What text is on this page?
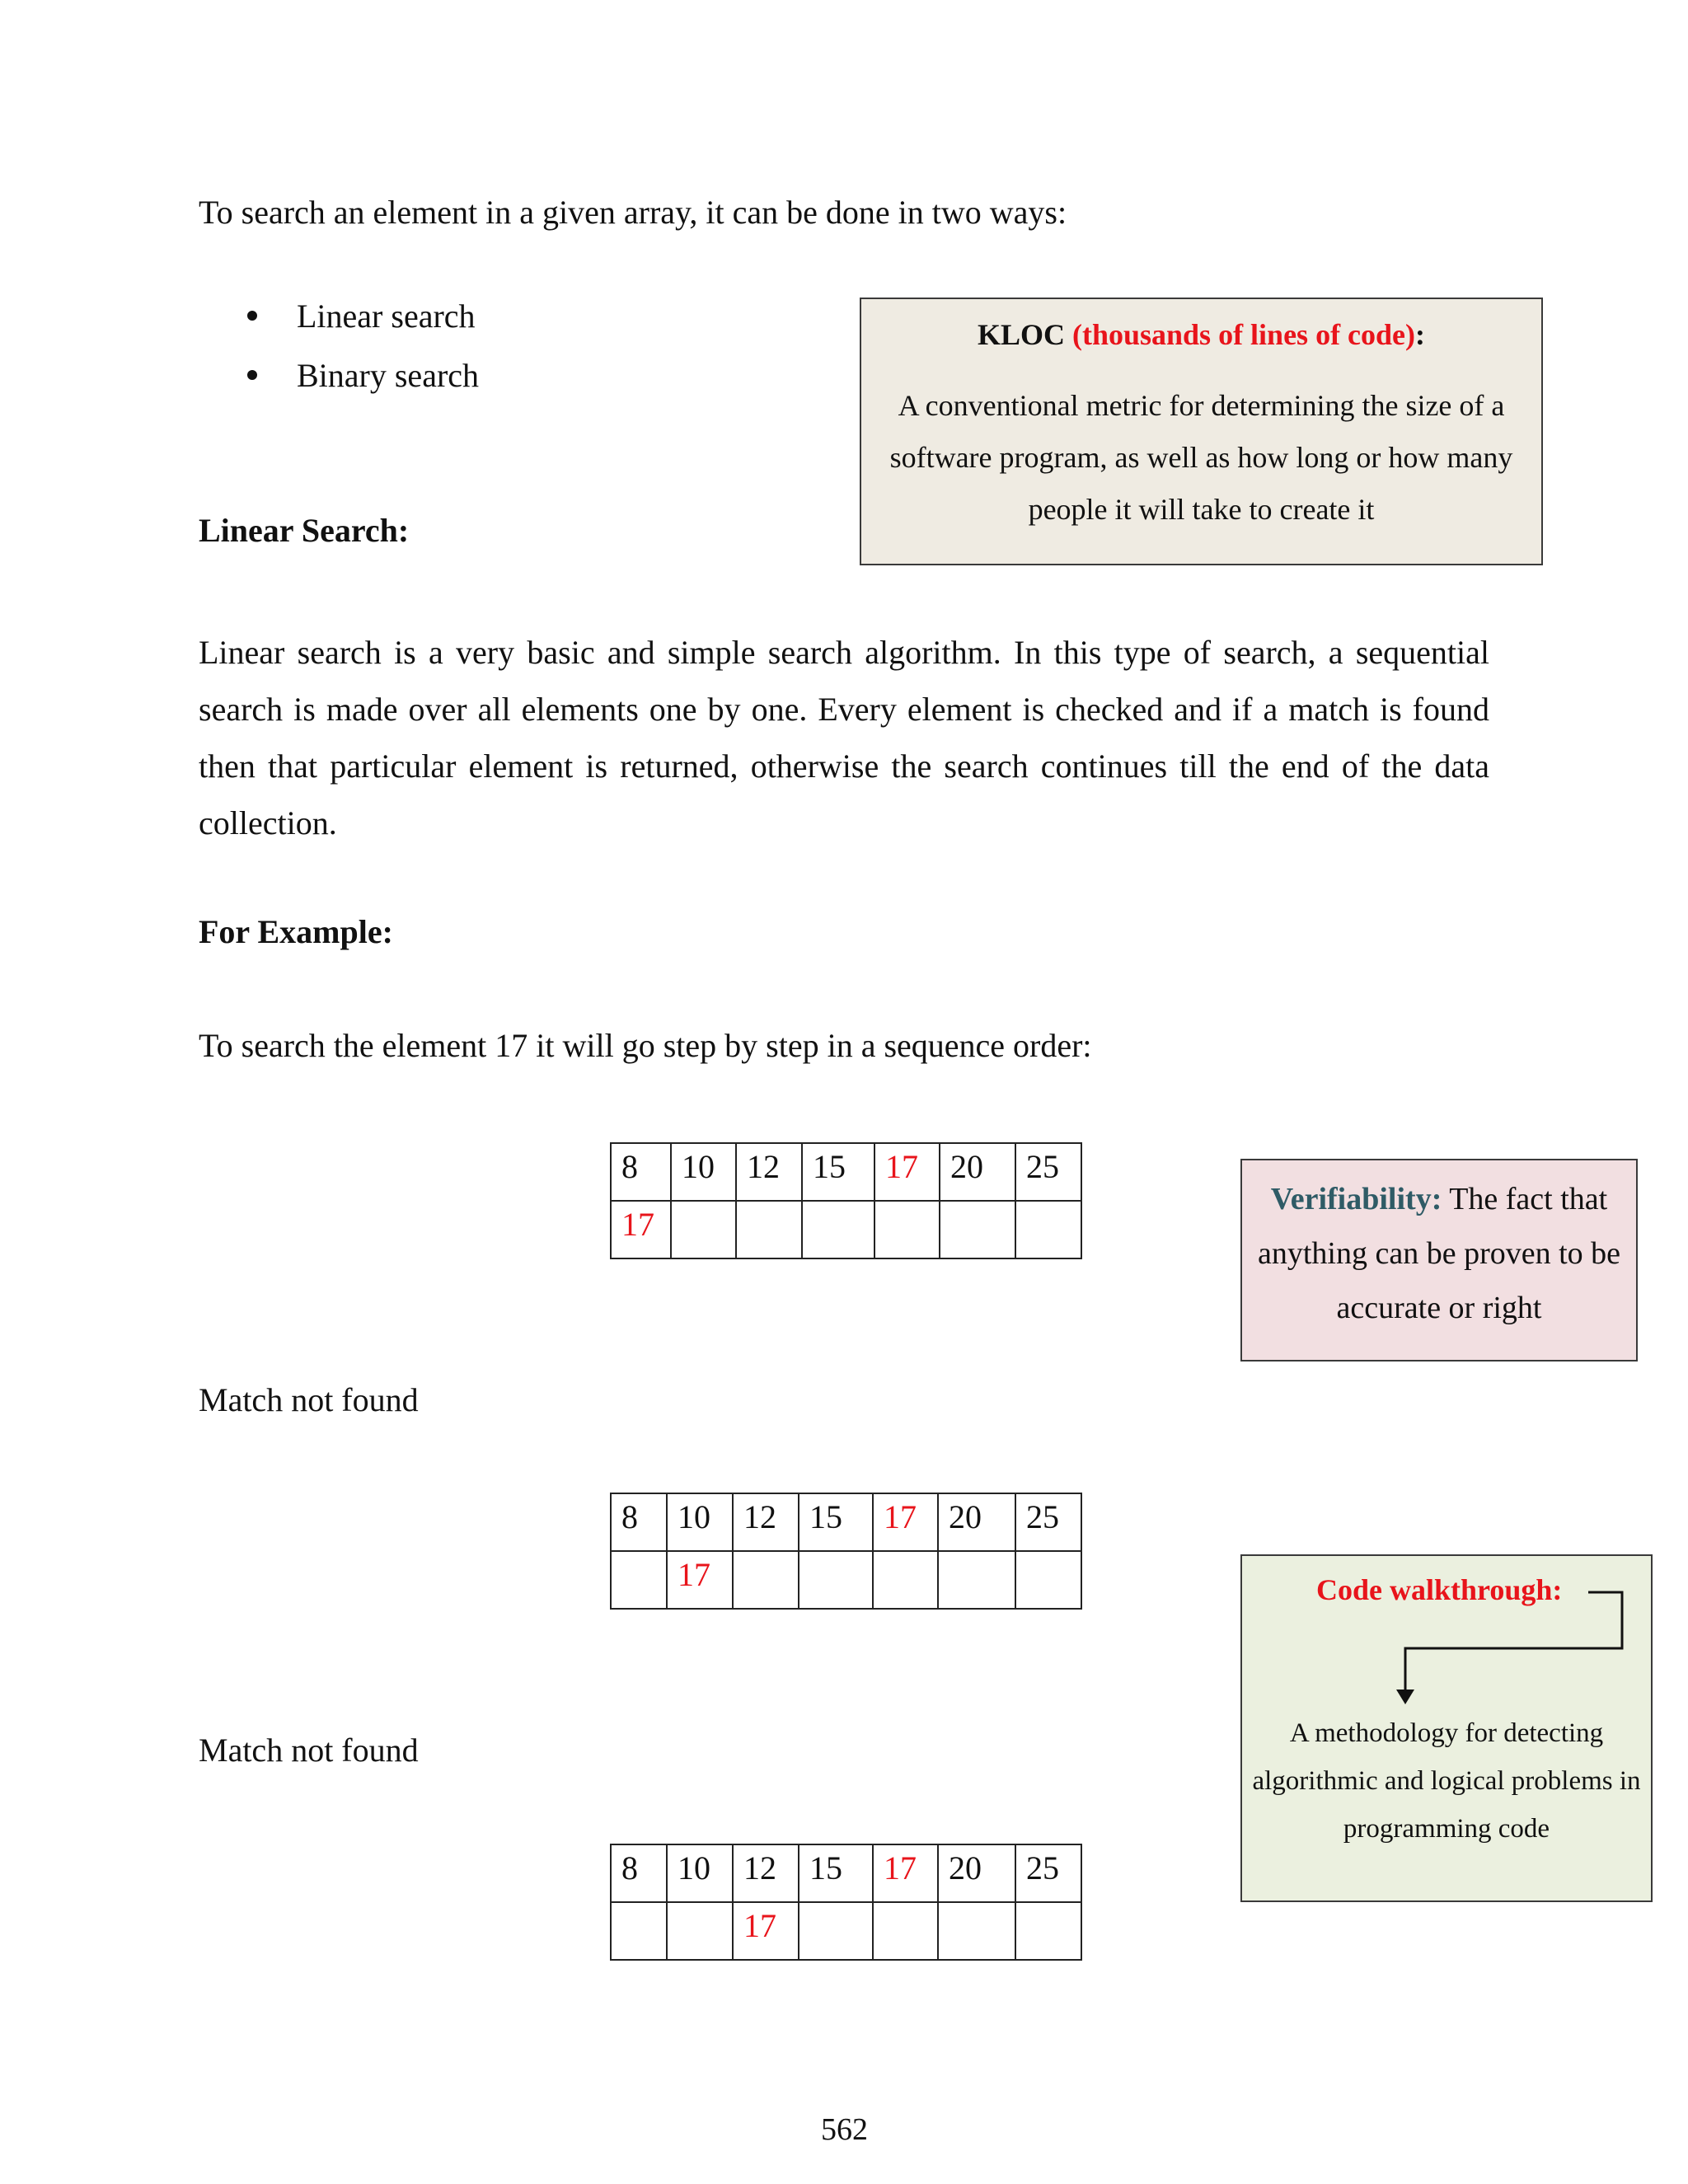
To search an element in a given array, it can be done in two ways:
Linear search
Binary search
KLOC (thousands of lines of code):
A conventional metric for determining the size of a software program, as well as how long or how many people it will take to create it
Linear Search:
Linear search is a very basic and simple search algorithm. In this type of search, a sequential search is made over all elements one by one. Every element is checked and if a match is found then that particular element is returned, otherwise the search continues till the end of the data collection.
For Example:
To search the element 17 it will go step by step in a sequence order:
8	10	12	15	17	20	25
17						
Verifiability: The fact that anything can be proven to be accurate or right
Match not found
8	10	12	15	17	20	25
	17						Code walkthrough:
A methodology for detecting algorithmic and logical problems in programming code
Match not found
8	10	12	15	17	20	25
		17				
562
